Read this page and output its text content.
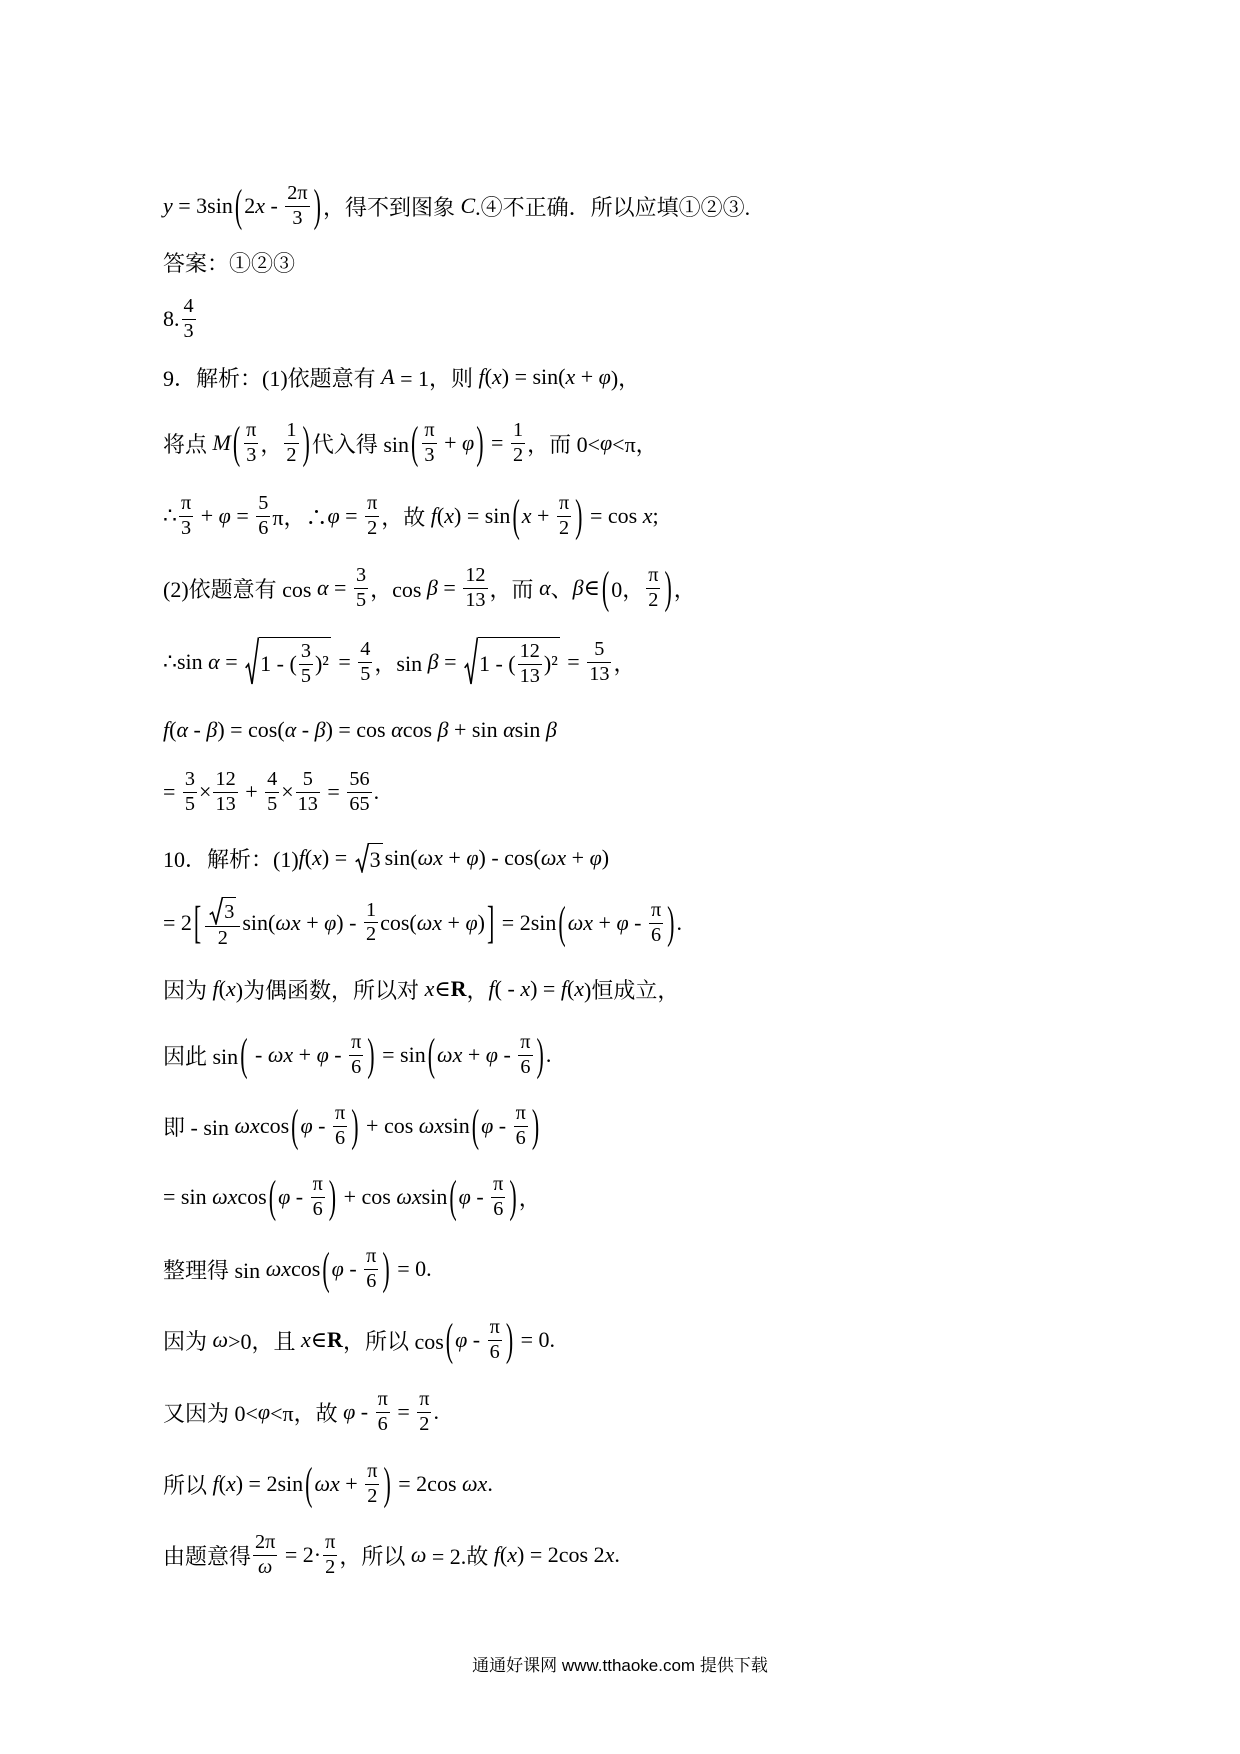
y = 3sin ( 2 x - $\frac{2\pi}{3}$ ) ，得不到图象 C .④不正确．所以应填①②③.
答案：①②③
8. $\frac{4}{3}$
9．解析：(1)依题意有 A = 1，则 f ( x ) = sin( x + φ )，
将点 M ( $\frac{\pi}{3}$ ， $\frac{1}{2}$ ) 代入得 sin ( $\frac{\pi}{3} + \varphi$ ) = $\frac{1}{2}$ ，而 0< φ <π，
∴ $\frac{\pi}{3} + \varphi = \frac{5}{6}$ π，∴ $\varphi = \frac{\pi}{2}$ ，故 f ( x ) = sin ( $x + \frac{\pi}{2}$ ) = cos x ;
(2)依题意有 $\cos \alpha = \frac{3}{5}$ ，$\cos \beta = \frac{12}{13}$ ，而 α 、 β ∈ ( 0， $\frac{\pi}{2}$ ) ，
∴sin α = 1 - ( $\frac{3}{5} )^2 = \frac{4}{5}$ ，sin β = 1 - ( $\frac{12}{13} )^2 = \frac{5}{13}$ ，
f ( α - β ) = cos( α - β ) = cos α cos β + sin α sin β
= $\frac{3}{5} \times \frac{12}{13} + \frac{4}{5} \times \frac{5}{13} = \frac{56}{65}$ .
10．解析：(1) f ( x ) = 3 sin( ωx + φ ) - cos( ωx + φ )
= 2 [ $\frac{3}{2} \sin$( ωx + φ ) - $\frac{1}{2} \cos$( ωx + φ ) ] = 2sin ( $\omega x + \varphi - \frac{\pi}{6}$ ) .
因为 f ( x )为偶函数，所以对 x ∈ R ， f ( - x ) = f ( x )恒成立，
因此 sin ( - $\omega x + \varphi - \frac{\pi}{6}$ ) = sin ( $\omega x + \varphi - \frac{\pi}{6}$ ) .
即 - sin ωx cos ( φ - $\frac{\pi}{6}$ ) + cos ωx sin ( φ - $\frac{\pi}{6}$ )
= sin ωx cos ( φ - $\frac{\pi}{6}$ ) + cos ωx sin ( φ - $\frac{\pi}{6}$ ) ，
整理得 sin ωx cos ( φ - $\frac{\pi}{6}$ ) = 0.
因为 ω >0，且 x ∈ R ，所以 cos ( φ - $\frac{\pi}{6}$ ) = 0.
又因为 0< φ <π，故 $\varphi - \frac{\pi}{6} = \frac{\pi}{2}$ .
所以 f ( x ) = 2sin ( $\omega x + \frac{\pi}{2}$ ) = 2cos ωx .
由题意得 $\frac{2\pi}{\omega} = 2\cdot \frac{\pi}{2}$ ，所以 ω = 2.故 f ( x ) = 2cos 2 x .
通通好课网 www.tthaoke.com 提供下载
